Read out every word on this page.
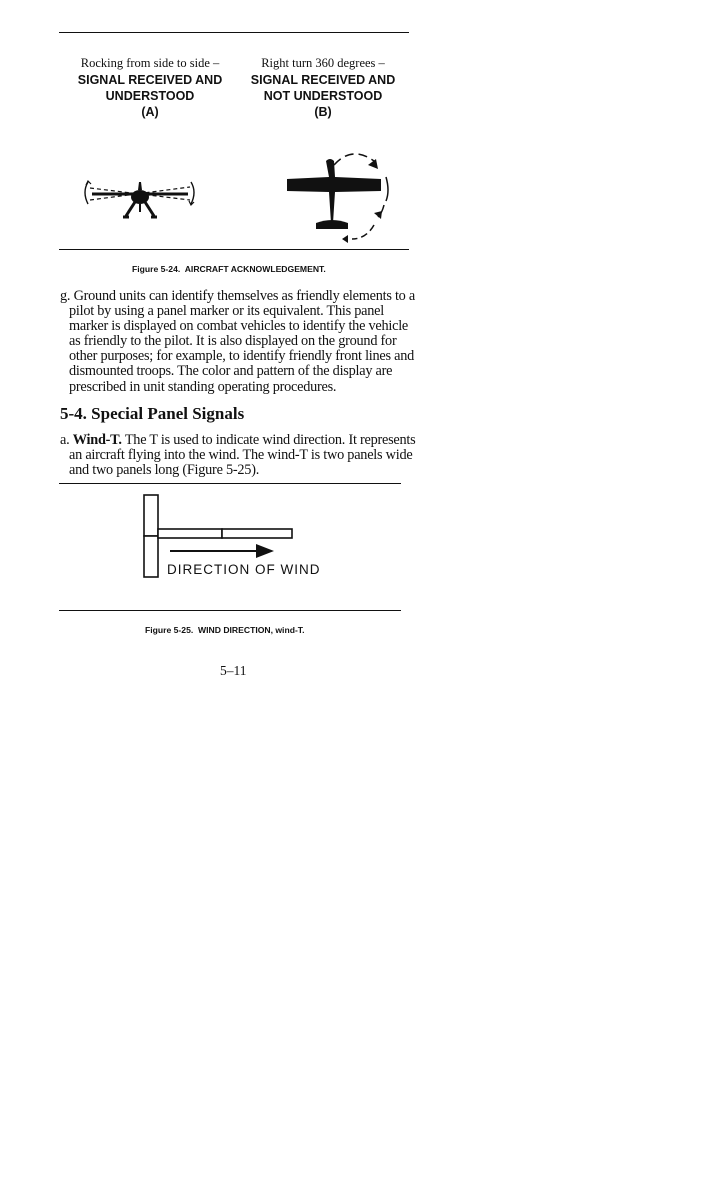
Rocking from side to side –
SIGNAL RECEIVED AND
UNDERSTOOD
(A)
Right turn 360 degrees –
SIGNAL RECEIVED AND
NOT UNDERSTOOD
(B)
Figure 5-24. AIRCRAFT ACKNOWLEDGEMENT.
g. Ground units can identify themselves as friendly elements to a pilot by using a panel marker or its equivalent. This panel marker is displayed on combat vehicles to identify the vehicle as friendly to the pilot. It is also displayed on the ground for other purposes; for example, to identify friendly front lines and dismounted troops. The color and pattern of the display are prescribed in unit standing operating procedures.
5-4. Special Panel Signals
a. Wind-T. The T is used to indicate wind direction. It represents an aircraft flying into the wind. The wind-T is two panels wide and two panels long (Figure 5-25).
DIRECTION OF WIND
Figure 5-25. WIND DIRECTION, wind-T.
5–11
